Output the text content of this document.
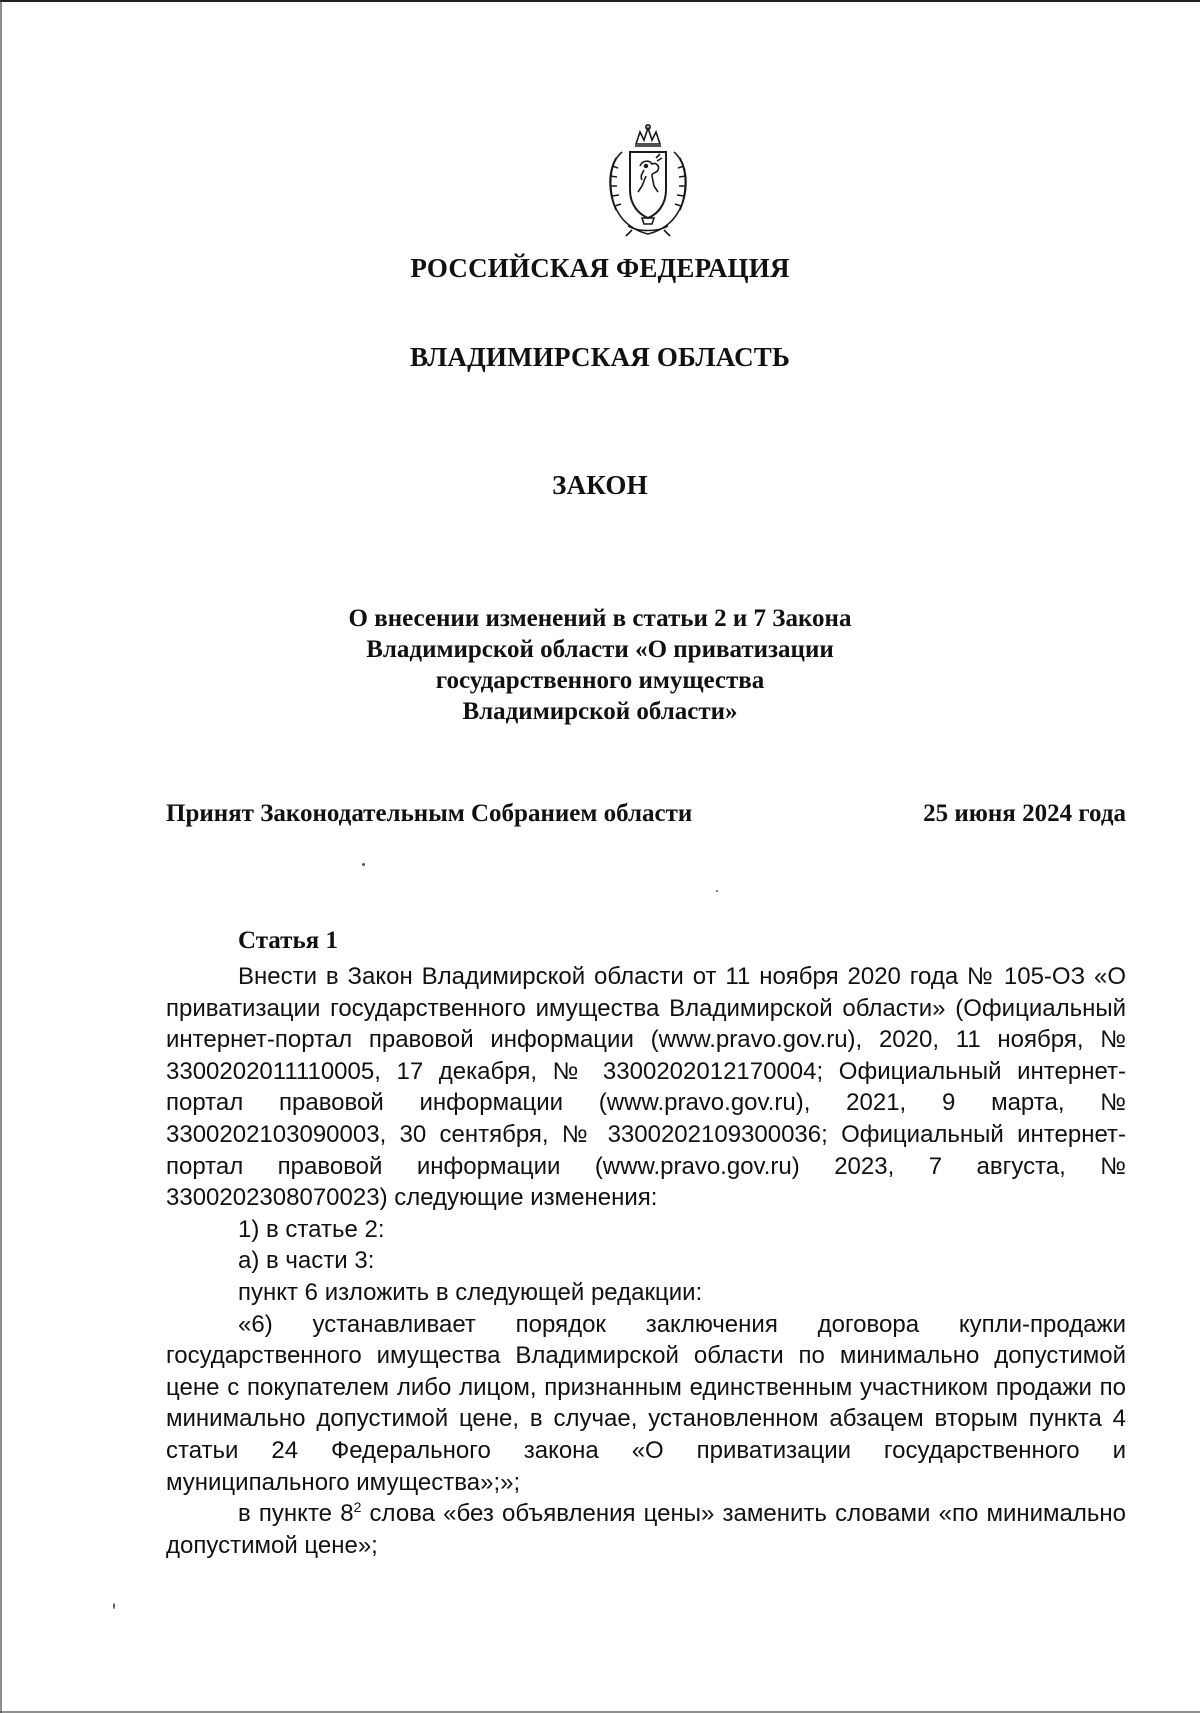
РОССИЙСКАЯ ФЕДЕРАЦИЯ
ВЛАДИМИРСКАЯ ОБЛАСТЬ
ЗАКОН
О внесении изменений в статьи 2 и 7 Закона
Владимирской области «О приватизации
государственного имущества
Владимирской области»
Принят Законодательным Собранием области	25 июня 2024 года
Статья 1
Внести в Закон Владимирской области от 11 ноября 2020 года № 105-ОЗ «О приватизации государственного имущества Владимирской области» (Официальный интернет-портал правовой информации (www.pravo.gov.ru), 2020, 11 ноября, № 3300202011110005, 17 декабря, № 3300202012170004; Официальный интернет-портал правовой информации (www.pravo.gov.ru), 2021, 9 марта, № 3300202103090003, 30 сентября, № 3300202109300036; Официальный интернет-портал правовой информации (www.pravo.gov.ru) 2023, 7 августа, № 3300202308070023) следующие изменения:
1) в статье 2:
а) в части 3:
пункт 6 изложить в следующей редакции:
«6) устанавливает порядок заключения договора купли-продажи государственного имущества Владимирской области по минимально допустимой цене с покупателем либо лицом, признанным единственным участником продажи по минимально допустимой цене, в случае, установленном абзацем вторым пункта 4 статьи 24 Федерального закона «О приватизации государственного и муниципального имущества»;»;
в пункте $8^2$ слова «без объявления цены» заменить словами «по минимально допустимой цене»;
